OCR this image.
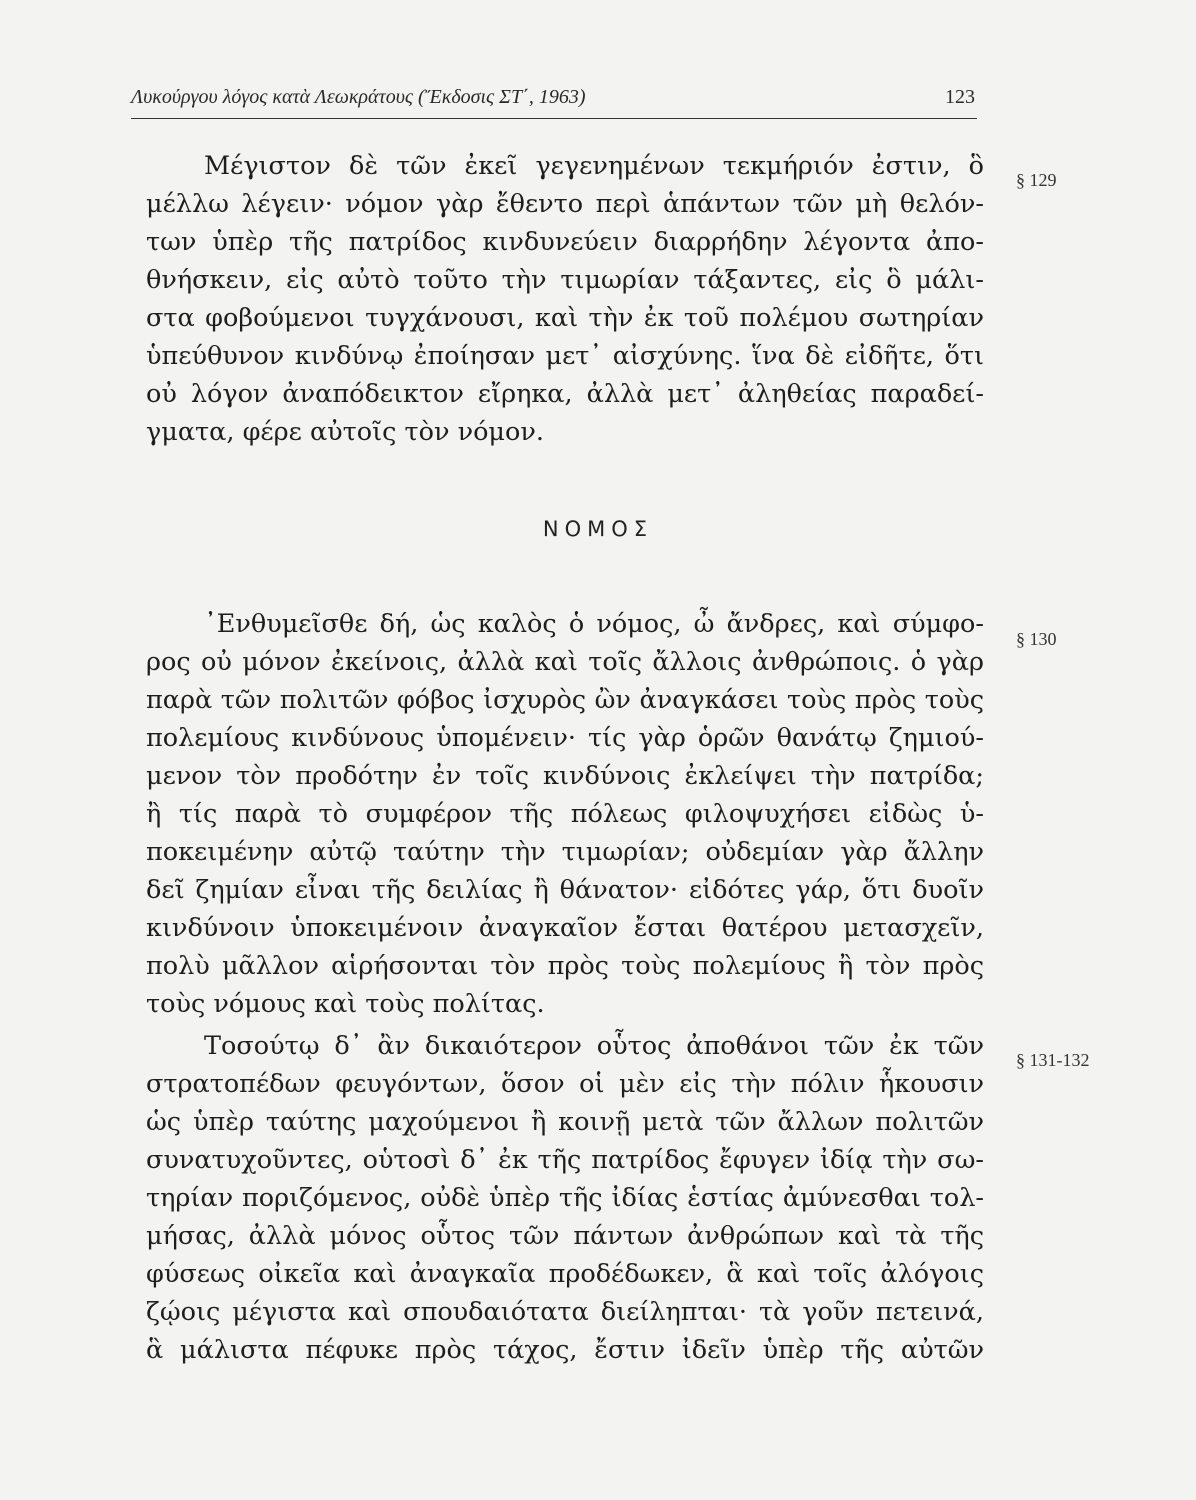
Λυκούργου λόγος κατὰ Λεωκράτους (Ἔκδοσις ΣΤ΄, 1963)	123
§ 129
Μέγιστον δὲ τῶν ἐκεῖ γεγενημένων τεκμήριόν ἐστιν, ὃ
μέλλω λέγειν· νόμον γὰρ ἔθεντο περὶ ἁπάντων τῶν μὴ θελόν-
των ὑπὲρ τῆς πατρίδος κινδυνεύειν διαρρήδην λέγοντα ἀπο-
θνήσκειν, εἰς αὐτὸ τοῦτο τὴν τιμωρίαν τάξαντες, εἰς ὃ μάλι-
στα φοβούμενοι τυγχάνουσι, καὶ τὴν ἐκ τοῦ πολέμου σωτηρίαν
ὑπεύθυνον κινδύνῳ ἐποίησαν μετ᾽ αἰσχύνης. ἵνα δὲ εἰδῆτε, ὅτι
οὐ λόγον ἀναπόδεικτον εἴρηκα, ἀλλὰ μετ᾽ ἀληθείας παραδεί-
γματα, φέρε αὐτοῖς τὸν νόμον.
ΝΟΜΟΣ
§ 130
᾽Ενθυμεῖσθε δή, ὡς καλὸς ὁ νόμος, ὦ ἄνδρες, καὶ σύμφο-
ρος οὐ μόνον ἐκείνοις, ἀλλὰ καὶ τοῖς ἄλλοις ἀνθρώποις. ὁ γὰρ
παρὰ τῶν πολιτῶν φόβος ἰσχυρὸς ὢν ἀναγκάσει τοὺς πρὸς τοὺς
πολεμίους κινδύνους ὑπομένειν· τίς γὰρ ὁρῶν θανάτῳ ζημιού-
μενον τὸν προδότην ἐν τοῖς κινδύνοις ἐκλείψει τὴν πατρίδα;
ἢ τίς παρὰ τὸ συμφέρον τῆς πόλεως φιλοψυχήσει εἰδὼς ὑ-
ποκειμένην αὐτῷ ταύτην τὴν τιμωρίαν; οὐδεμίαν γὰρ ἄλλην
δεῖ ζημίαν εἶναι τῆς δειλίας ἢ θάνατον· εἰδότες γάρ, ὅτι δυοῖν
κινδύνοιν ὑποκειμένοιν ἀναγκαῖον ἔσται θατέρου μετασχεῖν,
πολὺ μᾶλλον αἱρήσονται τὸν πρὸς τοὺς πολεμίους ἢ τὸν πρὸς
τοὺς νόμους καὶ τοὺς πολίτας.
§ 131-132
Τοσούτῳ δ᾽ ἂν δικαιότερον οὗτος ἀποθάνοι τῶν ἐκ τῶν
στρατοπέδων φευγόντων, ὅσον οἱ μὲν εἰς τὴν πόλιν ἧκουσιν
ὡς ὑπὲρ ταύτης μαχούμενοι ἢ κοινῇ μετὰ τῶν ἄλλων πολιτῶν
συνατυχοῦντες, οὑτοσὶ δ᾽ ἐκ τῆς πατρίδος ἔφυγεν ἰδίᾳ τὴν σω-
τηρίαν ποριζόμενος, οὐδὲ ὑπὲρ τῆς ἰδίας ἑστίας ἀμύνεσθαι τολ-
μήσας, ἀλλὰ μόνος οὗτος τῶν πάντων ἀνθρώπων καὶ τὰ τῆς
φύσεως οἰκεῖα καὶ ἀναγκαῖα προδέδωκεν, ἃ καὶ τοῖς ἀλόγοις
ζῴοις μέγιστα καὶ σπουδαιότατα διείληπται· τὰ γοῦν πετεινά,
ἃ μάλιστα πέφυκε πρὸς τάχος, ἔστιν ἰδεῖν ὑπὲρ τῆς αὐτῶν
